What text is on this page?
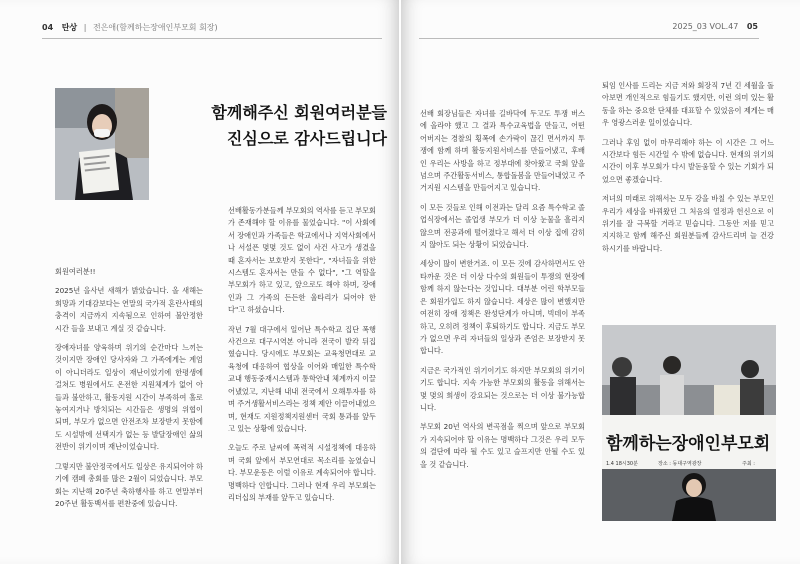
04 탄상 | 전은애(함께하는장애인부모회 회장)
함께해주신 회원여러분들
진심으로 감사드립니다

회원여러분!!

2025년 을사년 새해가 밝았습니다. 올 새해는 희망과 기대감보다는 연말의 국가적 혼란사태의 충격이 지금까지 지속됨으로 인하여 불안정한 시간 들을 보내고 계실 것 같습니다.

장애자녀를 양육하며 위기의 순간마다 느끼는 것이지만 장애인 당사자와 그 가족에게는 계엄이 아니더라도 일상이 재난이었기에 한평생에 걸쳐도 병원에서도 온전한 지원체계가 없어 아들과 불안하고, 활동지원 시간이 부족하여 홀로 놓여지거나 방치되는 시간들은 생명의 위협이 되며, 부모가 없으면 안전조차 보장받지 못함에도 시설밖에 선택지가 없는 등 발달장애인 삶의 전반이 위기이며 재난이었습니다.

그렇지만 불안정국에서도 일상은 유지되어야 하기에 캠페 총회를 많은 2월이 되었습니다. 부모회는 지난해 20주년 축하행사를 하고 연말부터 20주년 활동백서를 편찬중에 있습니다.

선배활동가분들께 부모회의 역사를 듣고 부모회가 존재해야 할 이유를 물었습니다. "이 사회에서 장애인과 가족들은 학교에서나 지역사회에서나 서설픈 몇몇 것도 없이 사건 사고가 생겼을 때 혼자서는 보호받지 못한다", "자녀들을 위한 시스템도 혼자서는 만들 수 없다", "그 역할을 부모회가 하고 있고, 앞으로도 해야 하며, 장애인과 그 가족의 든든한 울타리가 되어야 한다"고 하셨습니다.

작년 7월 대구에서 일어난 특수학교 집단 폭행사건으로 대구시역본 아니라 전국이 발칵 뒤집혔습니다. 당시에도 부모회는 교육청면대로 교육청에 대응하여 협상을 이어와 매일한 특수학교내 행동중재시스템과 통학안내 체계까지 이끌어냈었고, 지난해 내내 전국에서 오해투자를 하며 주거생활서비스라는 정책 제안 이끌어내었으며, 현재도 지원정책지원센터 국회 통과를 앞두고 있는 상황에 있습니다.

오늘도 주로 날씨에 폭력적 시설정책에 대응하며 국회 앞에서 부모연대로 목소리를 높였습니다. 부모운동은 이럴 이유로 계속되어야 합니다. 명백하다 인합니다. 그러나 현재 우리 부모회는 리더십의 부재를 앞두고 있습니다.

2025_03 VOL.47 05

선배 회장님들은 자녀를 길바닥에 두고도 투쟁 버스에 올라야 했고 그 결과 특수교육법을 만들고, 어떤 어버지는 경찰의 횡폭에 손가락이 끊긴 면서까지 투쟁에 함께 하며 활동지원서비스를 만들어냈고, 후배인 우리는 사방을 하고 정부대에 찾아왔고 국회 앞을 넘으며 주간활동서비스, 통합돌봄을 만들어내었고 주거지원 시스템을 만들어지고 있습니다.

이 모든 것들로 인해 이전과는 달리 요즘 특수학교 졸업식장에서는 졸업생 부모가 더 이상 눈물을 흘리지 않으며 전공과에 떨어졌다고 해서 더 이상 집에 감히지 않아도 되는 상황이 되었습니다.

세상이 많이 변한거죠. 이 모든 것에 감사하면서도 안타까운 것은 더 이상 다수의 회원들이 투쟁의 현장에 함께 하지 않는다는 것입니다. 대부분 어린 학부모들은 회원가입도 하지 않습니다. 세상은 많이 변했지만 여전히 장애 정책은 완성단계가 아니며, 빅데이 부족하고, 오히려 정책이 후퇴하기도 합니다. 지금도 부모가 없으면 우리 자녀들의 일상과 존엄은 보장받지 못합니다.

지금은 국가적인 위기이기도 하지만 부모회의 위기이기도 합니다. 지속 가능한 부모회의 활동을 위해서는 몇 몇의 희생이 강요되는 것으로는 더 이상 불가능합니다.

부모회 20년 역사의 변곡점을 찍으며 앞으로 부모회가 지속되어야 할 이유는 명백하다 그것은 우리 모두의 결단에 따라 될 수도 있고 슬프지만 안될 수도 있을 것 같습니다.

퇴임 인사를 드리는 지금 저와 회장직 7년 긴 세월을 돌아보면 개인적으로 힘들기도 했지만, 이런 의미 있는 활동을 하는 중요한 단체를 대표할 수 있었음이 제게는 매우 영광스러운 일이었습니다.

그러나 후임 없이 마무리해야 하는 이 시간은 그 어느 시간보다 힘든 시간일 수 밖에 없습니다. 현재의 위기의 시간이 이후 부모회가 다시 발돋움할 수 있는 기회가 되었으면 좋겠습니다.

저녀의 미래로 위해서는 모두 강을 바칠 수 있는 부모인 우리가 세상을 바꿔왔던 그 처음의 열정과 헌신으로 이 위기를 잘 극복할 거라고 믿습니다. 그동안 저를 믿고 지지하고 함께 해주신 회원분들께 감사드리며 늘 건강하시기를 바랍니다.

함께하는장애인부모회
1.4 18시30분	장소 : 동대구역광장	주최 :
